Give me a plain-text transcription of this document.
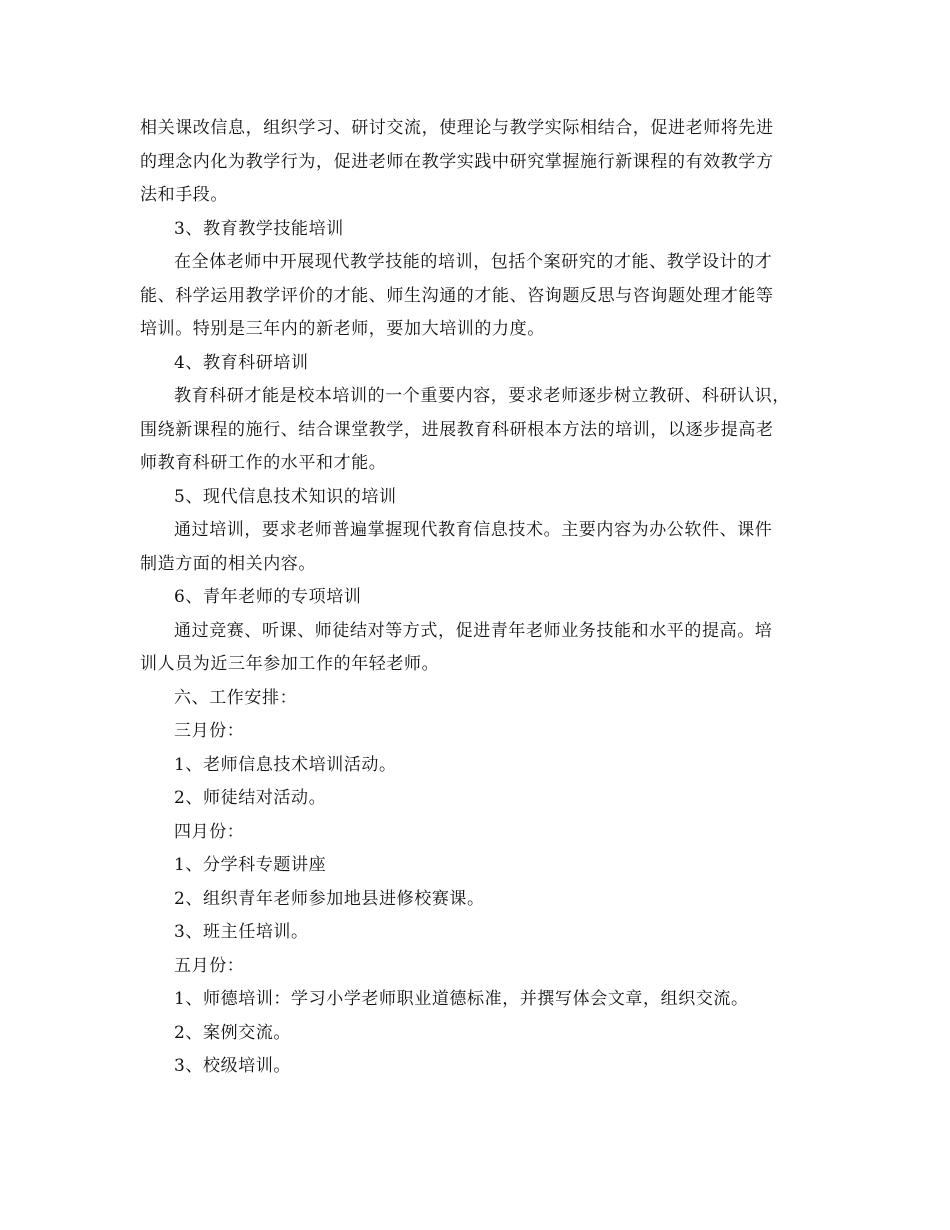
相关课改信息，组织学习、研讨交流，使理论与教学实际相结合，促进老师将先进
的理念内化为教学行为，促进老师在教学实践中研究掌握施行新课程的有效教学方
法和手段。
3、教育教学技能培训
在全体老师中开展现代教学技能的培训，包括个案研究的才能、教学设计的才
能、科学运用教学评价的才能、师生沟通的才能、咨询题反思与咨询题处理才能等
培训。特别是三年内的新老师，要加大培训的力度。
4、教育科研培训
教育科研才能是校本培训的一个重要内容，要求老师逐步树立教研、科研认识，
围绕新课程的施行、结合课堂教学，进展教育科研根本方法的培训，以逐步提高老
师教育科研工作的水平和才能。
5、现代信息技术知识的培训
通过培训，要求老师普遍掌握现代教育信息技术。主要内容为办公软件、课件
制造方面的相关内容。
6、青年老师的专项培训
通过竞赛、听课、师徒结对等方式，促进青年老师业务技能和水平的提高。培
训人员为近三年参加工作的年轻老师。
六、工作安排：
三月份：
1、老师信息技术培训活动。
2、师徒结对活动。
四月份：
1、分学科专题讲座
2、组织青年老师参加地县进修校赛课。
3、班主任培训。
五月份：
1、师德培训：学习小学老师职业道德标准，并撰写体会文章，组织交流。
2、案例交流。
3、校级培训。
